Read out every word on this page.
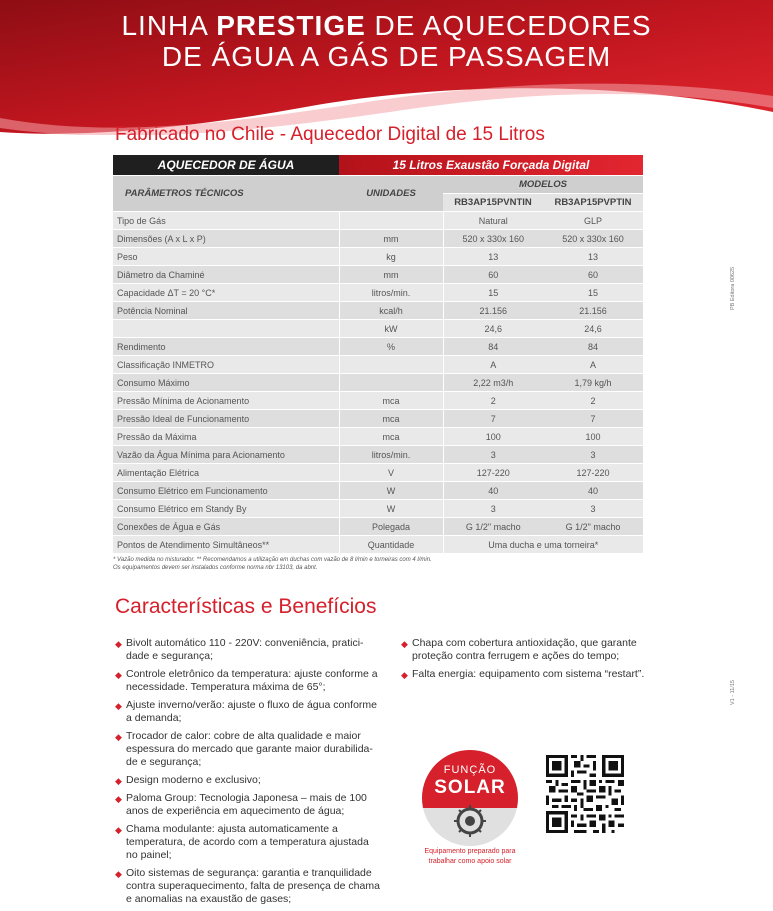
LINHA PRESTIGE DE AQUECEDORES
DE ÁGUA A GÁS DE PASSAGEM
Fabricado no Chile - Aquecedor Digital de 15 Litros
AQUECEDOR DE ÁGUA	15 Litros Exaustão Forçada Digital		
PARÂMETROS TÉCNICOS	UNIDADES	MODELOS	
		RB3AP15PVNTIN	RB3AP15PVPTIN
Tipo de Gás		Natural	GLP
Dimensões (A x L x P)	mm	520 x 330x 160	520 x 330x 160
Peso	kg	13	13
Diâmetro da Chaminé	mm	60	60
Capacidade ΔT = 20 °C*	litros/min.	15	15
Potência Nominal	kcal/h	21.156	21.156
	kW	24,6	24,6
Rendimento	%	84	84
Classificação INMETRO		A	A
Consumo Máximo		2,22 m3/h	1,79 kg/h
Pressão Mínima de Acionamento	mca	2	2
Pressão Ideal de Funcionamento	mca	7	7
Pressão da Máxima	mca	100	100
Vazão da Água Mínima para Acionamento	litros/min.	3	3
Alimentação Elétrica	V	127-220	127-220
Consumo Elétrico em Funcionamento	W	40	40
Consumo Elétrico em Standy By	W	3	3
Conexões de Água e Gás	Polegada	G 1/2" macho	G 1/2" macho
Pontos de Atendimento Simultâneos**	Quantidade	Uma ducha e uma torneira*	
* Vazão medida no misturador. ** Recomendamos a utilização em duchas com vazão de 8 l/min e torneiras com 4 l/min.
Os equipamentos devem ser instalados conforme norma nbr 13103, da abnt.
PB Editora 00625
V1 - 11/15
Características e Benefícios
◆ Bivolt automático 110 - 220V: conveniência, pratici-dade e segurança;
◆ Controle eletrônico da temperatura: ajuste conforme a necessidade. Temperatura máxima de 65°;
◆ Ajuste inverno/verão: ajuste o fluxo de água conforme a demanda;
◆ Trocador de calor: cobre de alta qualidade e maior espessura do mercado que garante maior durabilida-de e segurança;
◆ Design moderno e exclusivo;
◆ Paloma Group: Tecnologia Japonesa – mais de 100 anos de experiência em aquecimento de água;
◆ Chama modulante: ajusta automaticamente a temperatura, de acordo com a temperatura ajustada no painel;
◆ Oito sistemas de segurança: garantia e tranquilidade contra superaquecimento, falta de presença de chama e anomalias na exaustão de gases;
◆ Chapa com cobertura antioxidação, que garante proteção contra ferrugem e ações do tempo;
◆ Falta energia: equipamento com sistema “restart”.
FUNÇÃO
SOLAR
Equipamento preparado para trabalhar como apoio solar
